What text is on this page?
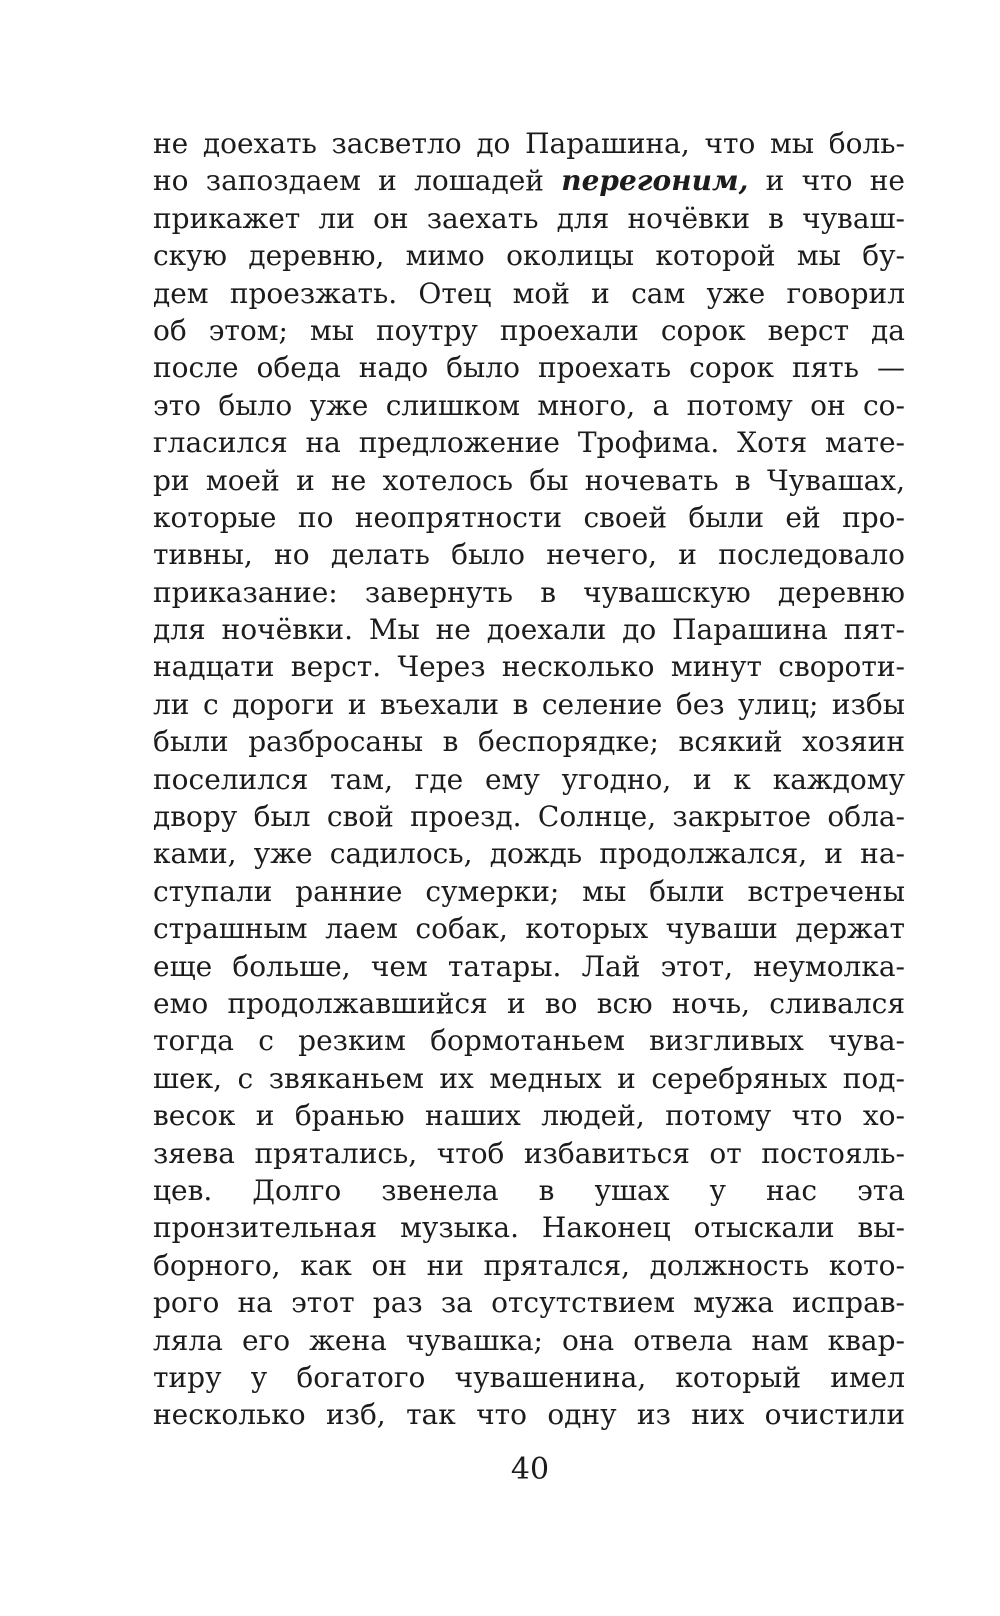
не доехать засветло до Парашина, что мы боль-
но запоздаем и лошадей перегоним, и что не
прикажет ли он заехать для ночёвки в чуваш-
скую деревню, мимо околицы которой мы бу-
дем проезжать. Отец мой и сам уже говорил
об этом; мы поутру проехали сорок верст да
после обеда надо было проехать сорок пять —
это было уже слишком много, а потому он со-
гласился на предложение Трофима. Хотя мате-
ри моей и не хотелось бы ночевать в Чувашах,
которые по неопрятности своей были ей про-
тивны, но делать было нечего, и последовало
приказание: завернуть в чувашскую деревню
для ночёвки. Мы не доехали до Парашина пят-
надцати верст. Через несколько минут свороти-
ли с дороги и въехали в селение без улиц; избы
были разбросаны в беспорядке; всякий хозяин
поселился там, где ему угодно, и к каждому
двору был свой проезд. Солнце, закрытое обла-
ками, уже садилось, дождь продолжался, и на-
ступали ранние сумерки; мы были встречены
страшным лаем собак, которых чуваши держат
еще больше, чем татары. Лай этот, неумолка-
емо продолжавшийся и во всю ночь, сливался
тогда с резким бормотаньем визгливых чува-
шек, с звяканьем их медных и серебряных под-
весок и бранью наших людей, потому что хо-
зяева прятались, чтоб избавиться от постояль-
цев. Долго звенела в ушах у нас эта
пронзительная музыка. Наконец отыскали вы-
борного, как он ни прятался, должность кото-
рого на этот раз за отсутствием мужа исправ-
ляла его жена чувашка; она отвела нам квар-
тиру у богатого чувашенина, который имел
несколько изб, так что одну из них очистили
40
